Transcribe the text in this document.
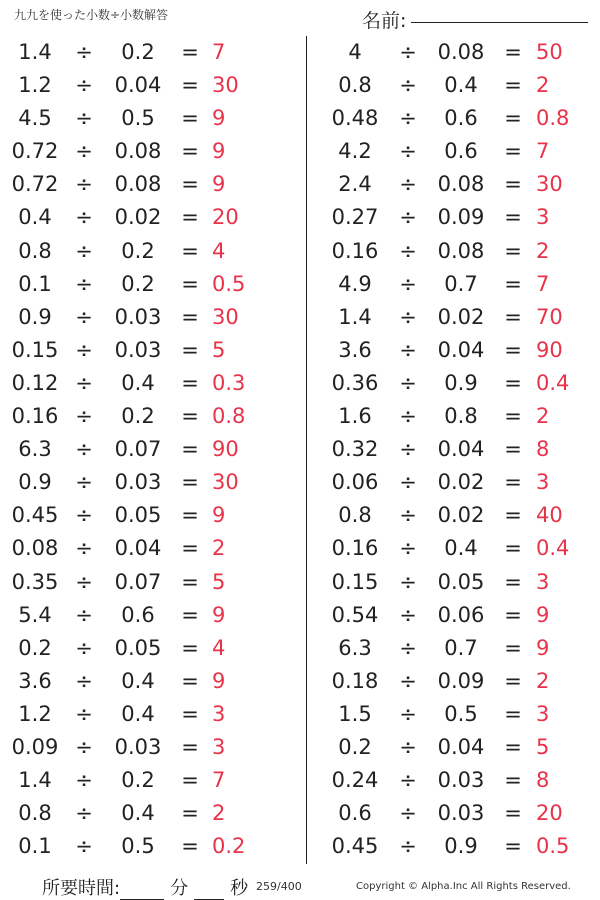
九九を使った小数÷小数解答	名前:
1.4	÷	0.2	= 7
1.2	÷	0.04 = 30
4.5	÷	0.5	= 9
0.72 ÷	0.08 = 9
0.72 ÷	0.08 = 9
0.4	÷	0.02 = 20
0.8	÷	0.2	= 4
0.1	÷	0.2	= 0.5
0.9	÷	0.03 = 30
0.15 ÷	0.03 = 5
0.12 ÷	0.4	= 0.3
0.16 ÷	0.2	= 0.8
6.3	÷	0.07 = 90
0.9	÷	0.03 = 30
0.45 ÷	0.05 = 9
0.08 ÷	0.04 = 2
0.35 ÷	0.07 = 5
5.4	÷	0.6	= 9
0.2	÷	0.05 = 4
3.6	÷	0.4	= 9
1.2	÷	0.4	= 3
0.09 ÷	0.03 = 3
1.4	÷	0.2	= 7
0.8	÷	0.4	= 2
0.1	÷	0.5	= 0.2
4	÷ 0.08 = 50
0.8	÷	0.4	= 2
0.48 ÷	0.6	= 0.8
4.2	÷	0.6	= 7
2.4	÷ 0.08 = 30
0.27 ÷ 0.09 = 3
0.16 ÷ 0.08 = 2
4.9	÷	0.7	= 7
1.4	÷ 0.02 = 70
3.6	÷ 0.04 = 90
0.36 ÷	0.9	= 0.4
1.6	÷	0.8	= 2
0.32 ÷ 0.04 = 8
0.06 ÷ 0.02 = 3
0.8	÷ 0.02 = 40
0.16 ÷	0.4	= 0.4
0.15 ÷ 0.05 = 3
0.54 ÷ 0.06 = 9
6.3	÷	0.7	= 9
0.18 ÷ 0.09 = 2
1.5	÷	0.5	= 3
0.2	÷ 0.04 = 5
0.24 ÷ 0.03 = 8
0.6	÷ 0.03 = 20
0.45 ÷	0.9	= 0.5
所要時間:	分 秒 259/400	Copyright © Alpha.Inc All Rights Reserved.
